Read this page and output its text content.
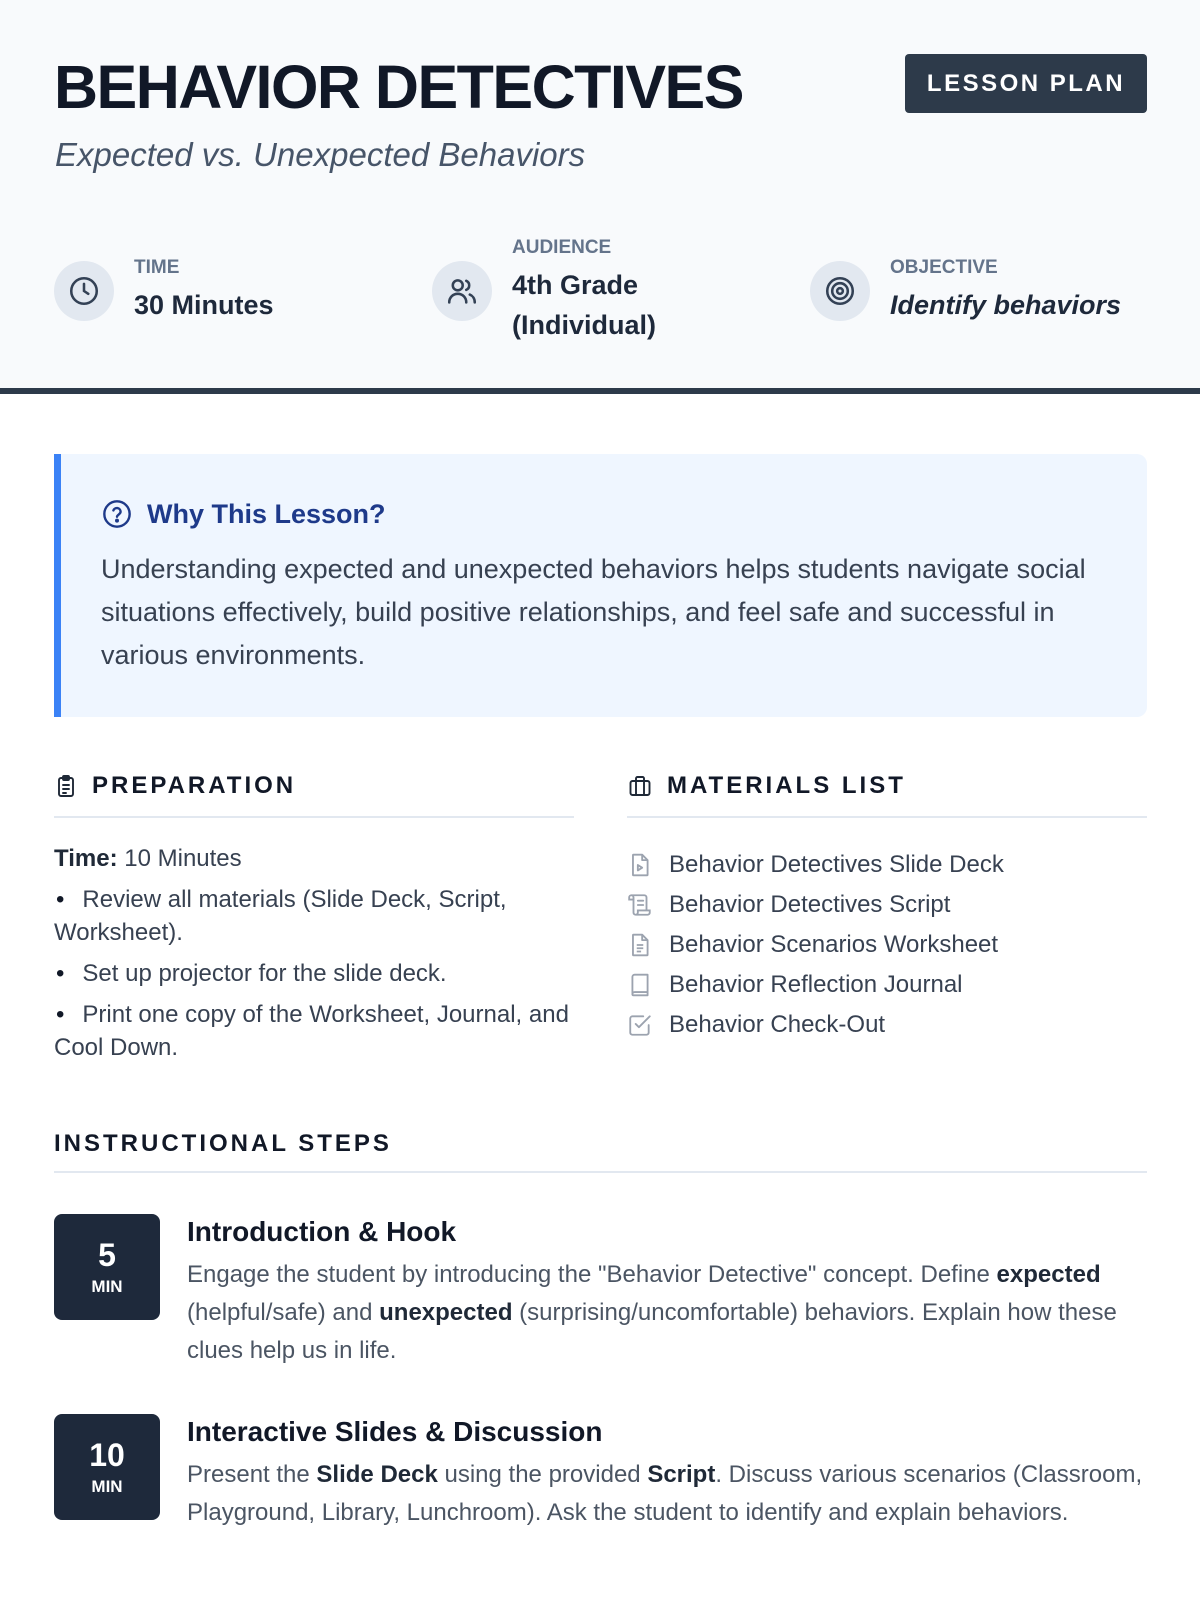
BEHAVIOR DETECTIVES

Expected vs. Unexpected Behaviors

LESSON PLAN
TIME
30 Minutes
AUDIENCE
4th Grade
(Individual)
OBJECTIVE
Identify behaviors
Why This Lesson?

Understanding expected and unexpected behaviors helps students navigate social situations effectively, build positive relationships, and feel safe and successful in various environments.

PREPARATION
Time: 10 Minutes
• Review all materials (Slide Deck, Script, Worksheet).
• Set up projector for the slide deck.
• Print one copy of the Worksheet, Journal, and Cool Down.
MATERIALS LIST
Behavior Detectives Slide Deck
Behavior Detectives Script
Behavior Scenarios Worksheet
Behavior Reflection Journal
Behavior Check-Out
INSTRUCTIONAL STEPS
5
MIN
Introduction & Hook

Engage the student by introducing the "Behavior Detective" concept. Define expected (helpful/safe) and unexpected (surprising/uncomfortable) behaviors. Explain how these clues help us in life.

10
MIN
Interactive Slides & Discussion

Present the Slide Deck using the provided Script. Discuss various scenarios (Classroom, Playground, Library, Lunchroom). Ask the student to identify and explain behaviors.
